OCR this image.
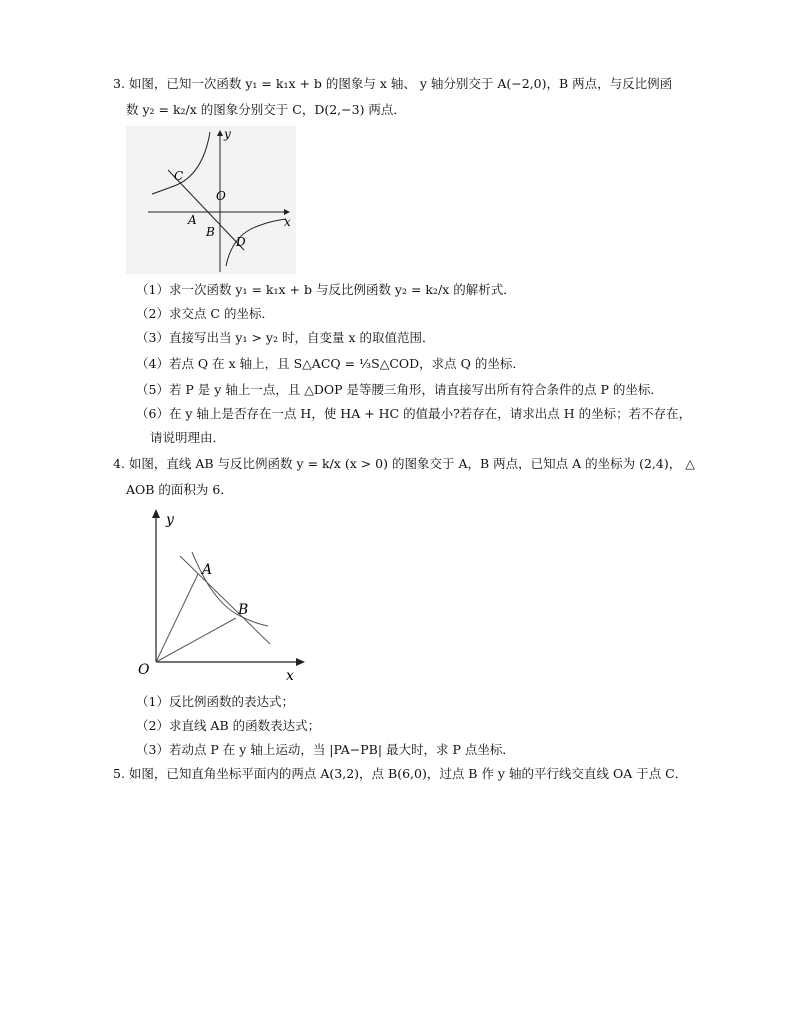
3. 如图，已知一次函数 y₁ = k₁x + b 的图象与 x 轴、 y 轴分别交于 A(−2,0)，B 两点，与反比例函
数 y₂ = k₂/x 的图象分别交于 C，D(2,−3) 两点．
C
O
A
B
D
y
x
（1）求一次函数 y₁ = k₁x + b 与反比例函数 y₂ = k₂/x 的解析式．
（2）求交点 C 的坐标．
（3）直接写出当 y₁ > y₂ 时，自变量 x 的取值范围．
（4）若点 Q 在 x 轴上，且 S△ACQ = ⅓S△COD，求点 Q 的坐标．
（5）若 P 是 y 轴上一点，且 △DOP 是等腰三角形，请直接写出所有符合条件的点 P 的坐标．
（6）在 y 轴上是否存在一点 H，使 HA + HC 的值最小?若存在，请求出点 H 的坐标；若不存在，
请说明理由．
4. 如图，直线 AB 与反比例函数 y = k/x (x > 0) 的图象交于 A，B 两点，已知点 A 的坐标为 (2,4)， △
AOB 的面积为 6．
A
B
O
y
x
（1）反比例函数的表达式；
（2）求直线 AB 的函数表达式；
（3）若动点 P 在 y 轴上运动，当 |PA−PB| 最大时，求 P 点坐标．
5. 如图，已知直角坐标平面内的两点 A(3,2)，点 B(6,0)，过点 B 作 y 轴的平行线交直线 OA 于点 C．
